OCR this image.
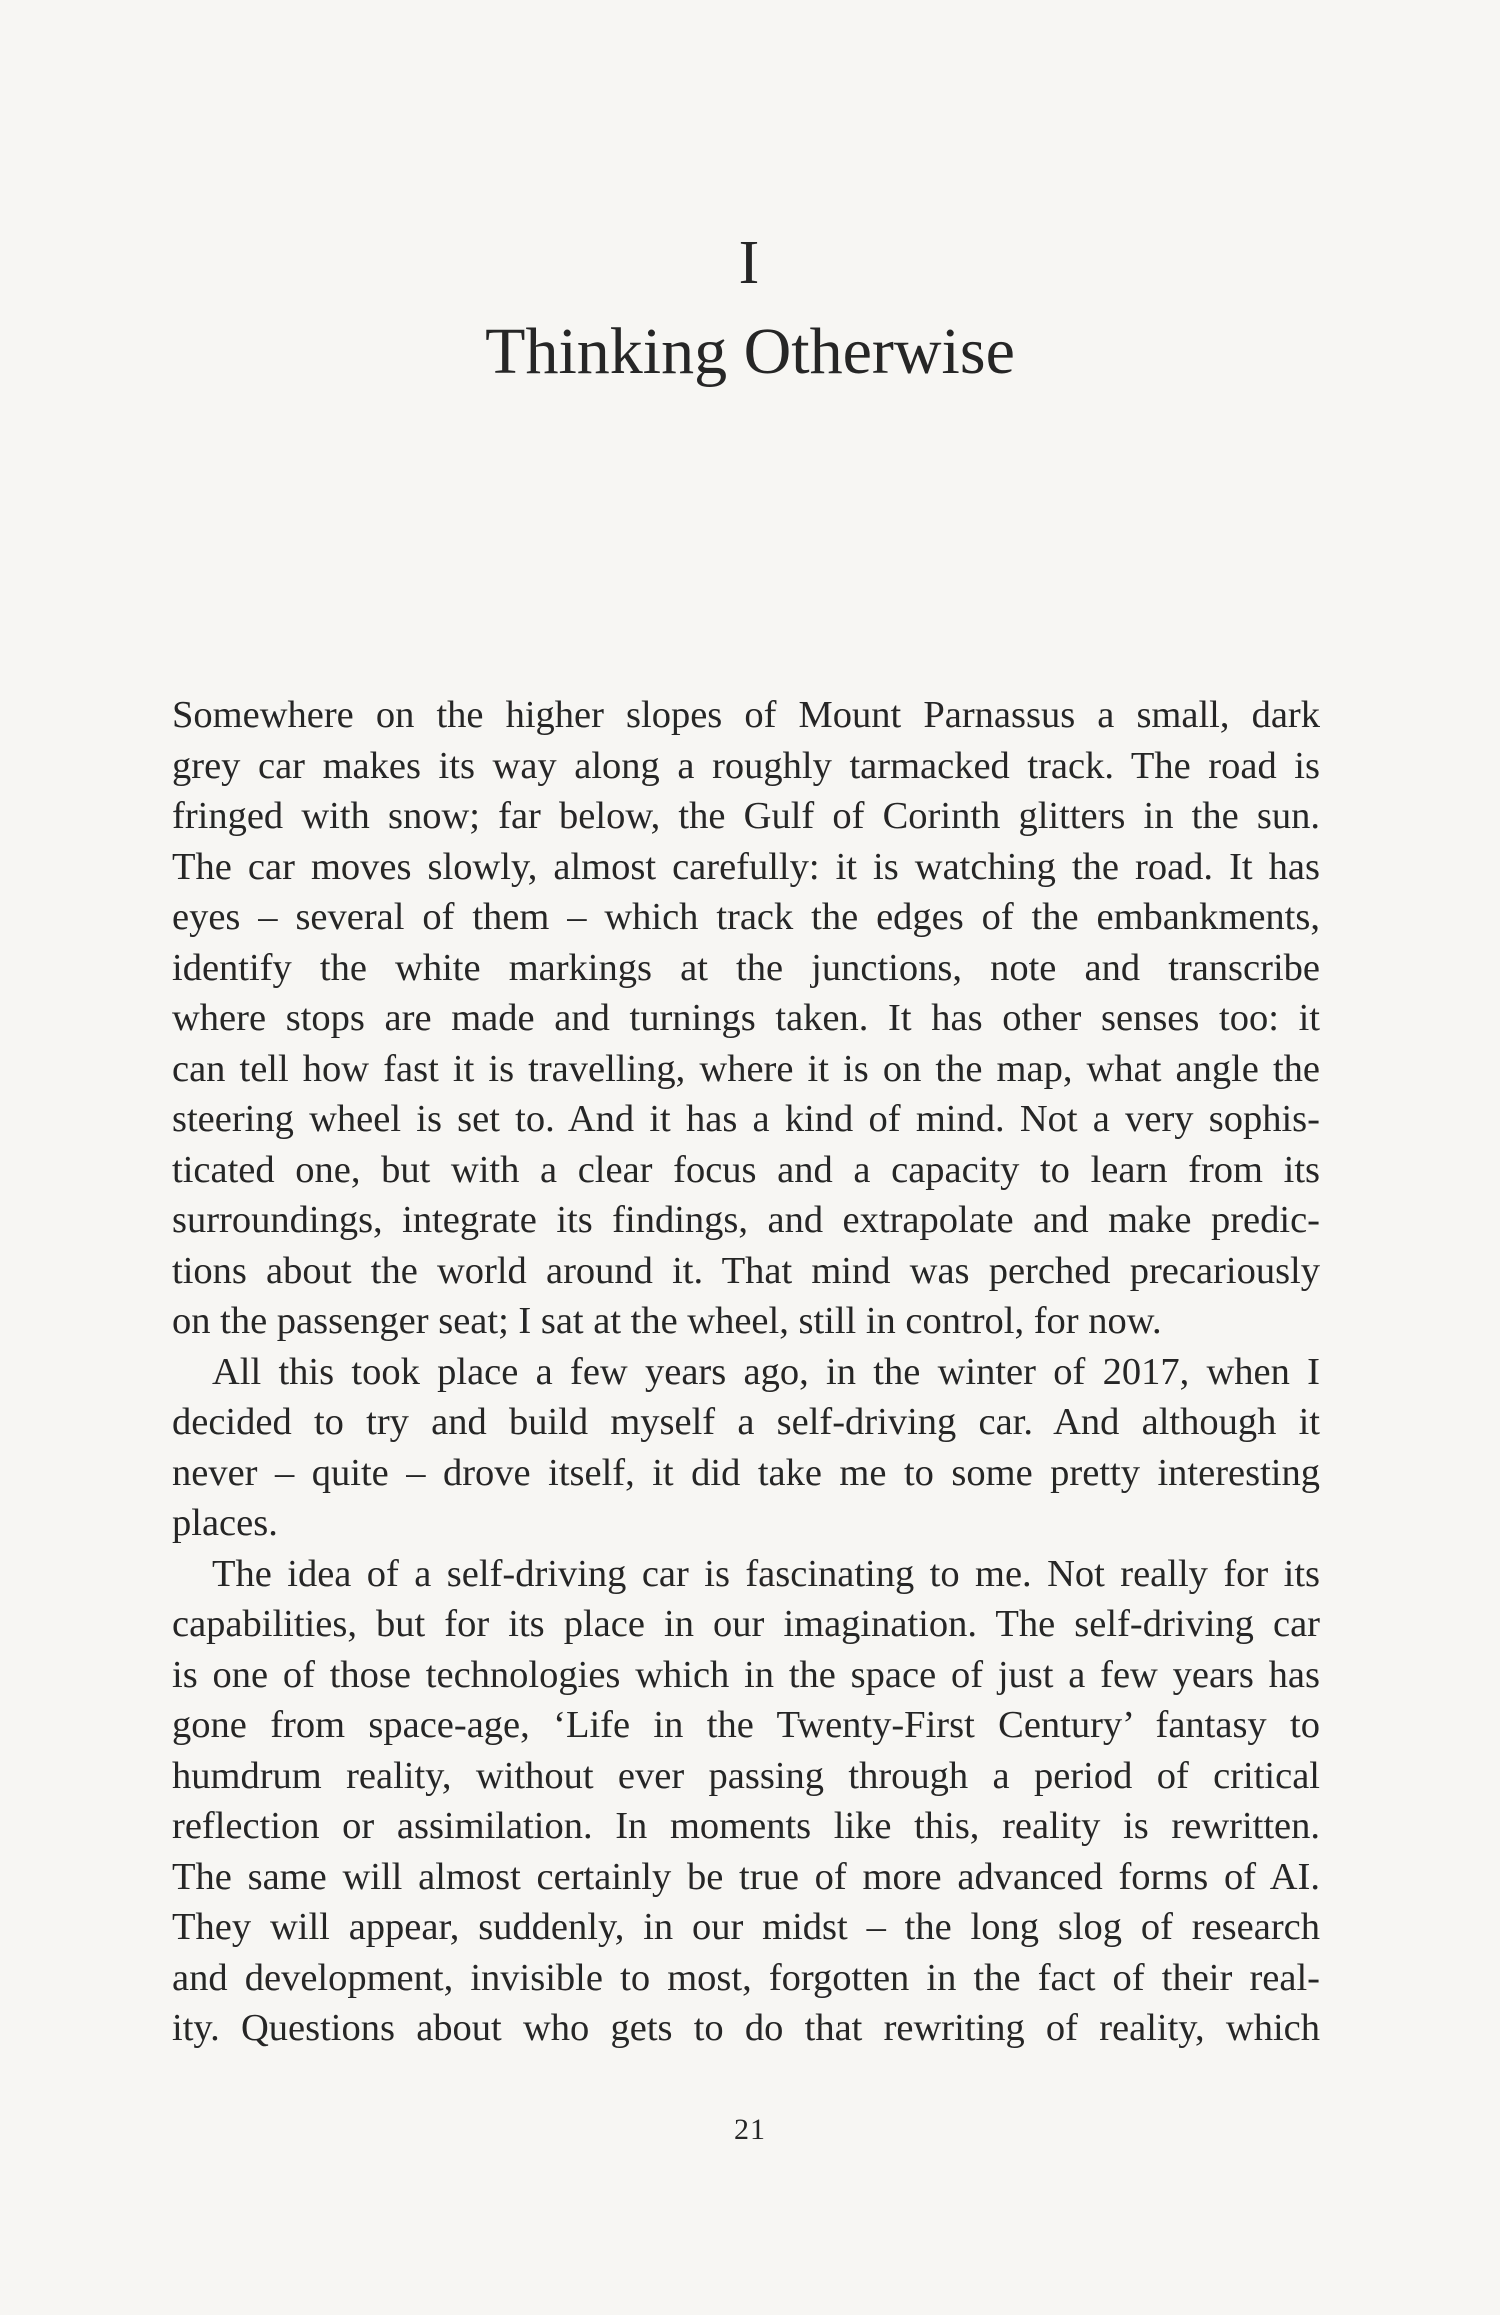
I
Thinking Otherwise
Somewhere on the higher slopes of Mount Parnassus a small, dark
grey car makes its way along a roughly tarmacked track. The road is
fringed with snow; far below, the Gulf of Corinth glitters in the sun.
The car moves slowly, almost carefully: it is watching the road. It has
eyes – several of them – which track the edges of the embankments,
identify the white markings at the junctions, note and transcribe
where stops are made and turnings taken. It has other senses too: it
can tell how fast it is travelling, where it is on the map, what angle the
steering wheel is set to. And it has a kind of mind. Not a very sophis-
ticated one, but with a clear focus and a capacity to learn from its
surroundings, integrate its findings, and extrapolate and make predic-
tions about the world around it. That mind was perched precariously
on the passenger seat; I sat at the wheel, still in control, for now.
All this took place a few years ago, in the winter of 2017, when I
decided to try and build myself a self-driving car. And although it
never – quite – drove itself, it did take me to some pretty interesting
places.
The idea of a self-driving car is fascinating to me. Not really for its
capabilities, but for its place in our imagination. The self-driving car
is one of those technologies which in the space of just a few years has
gone from space-age, ‘Life in the Twenty-First Century’ fantasy to
humdrum reality, without ever passing through a period of critical
reflection or assimilation. In moments like this, reality is rewritten.
The same will almost certainly be true of more advanced forms of AI.
They will appear, suddenly, in our midst – the long slog of research
and development, invisible to most, forgotten in the fact of their real-
ity. Questions about who gets to do that rewriting of reality, which
21
